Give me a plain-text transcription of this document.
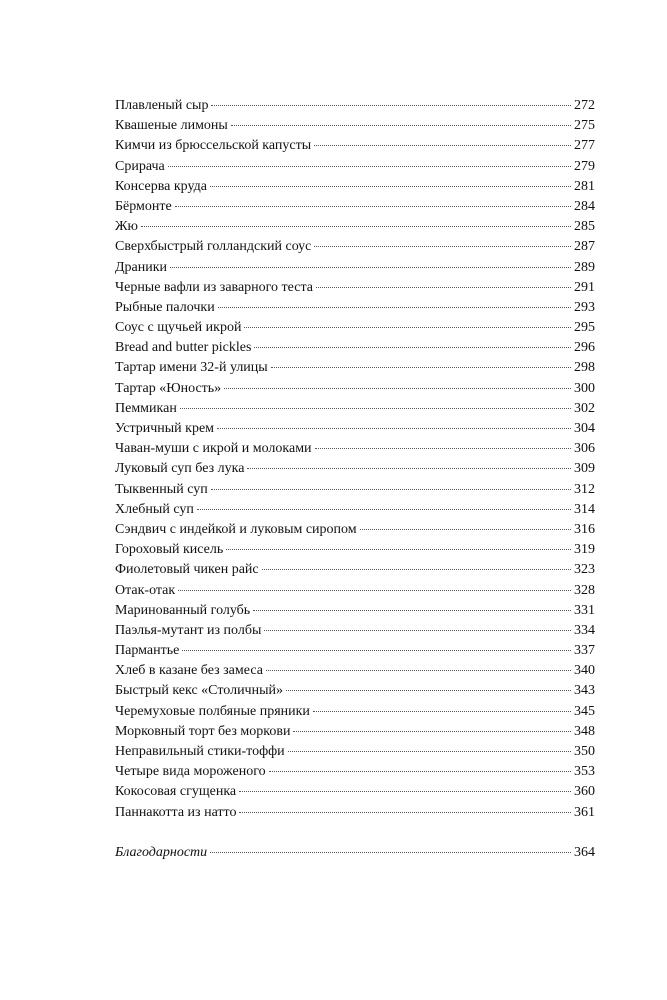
Плавленый сыр	272
Квашеные лимоны	275
Кимчи из брюссельской капусты	277
Срирача	279
Консерва круда	281
Бёрмонте	284
Жю	285
Сверхбыстрый голландский соус	287
Драники	289
Черные вафли из заварного теста	291
Рыбные палочки	293
Соус с щучьей икрой	295
Bread and butter pickles	296
Тартар имени 32-й улицы	298
Тартар «Юность»	300
Пеммикан	302
Устричный крем	304
Чаван-муши с икрой и молоками	306
Луковый суп без лука	309
Тыквенный суп	312
Хлебный суп	314
Сэндвич с индейкой и луковым сиропом	316
Гороховый кисель	319
Фиолетовый чикен райс	323
Отак-отак	328
Маринованный голубь	331
Паэлья-мутант из полбы	334
Пармантье	337
Хлеб в казане без замеса	340
Быстрый кекс «Столичный»	343
Черемуховые полбяные пряники	345
Морковный торт без моркови	348
Неправильный стики-тоффи	350
Четыре вида мороженого	353
Кокосовая сгущенка	360
Паннакотта из натто	361
Благодарности	364
